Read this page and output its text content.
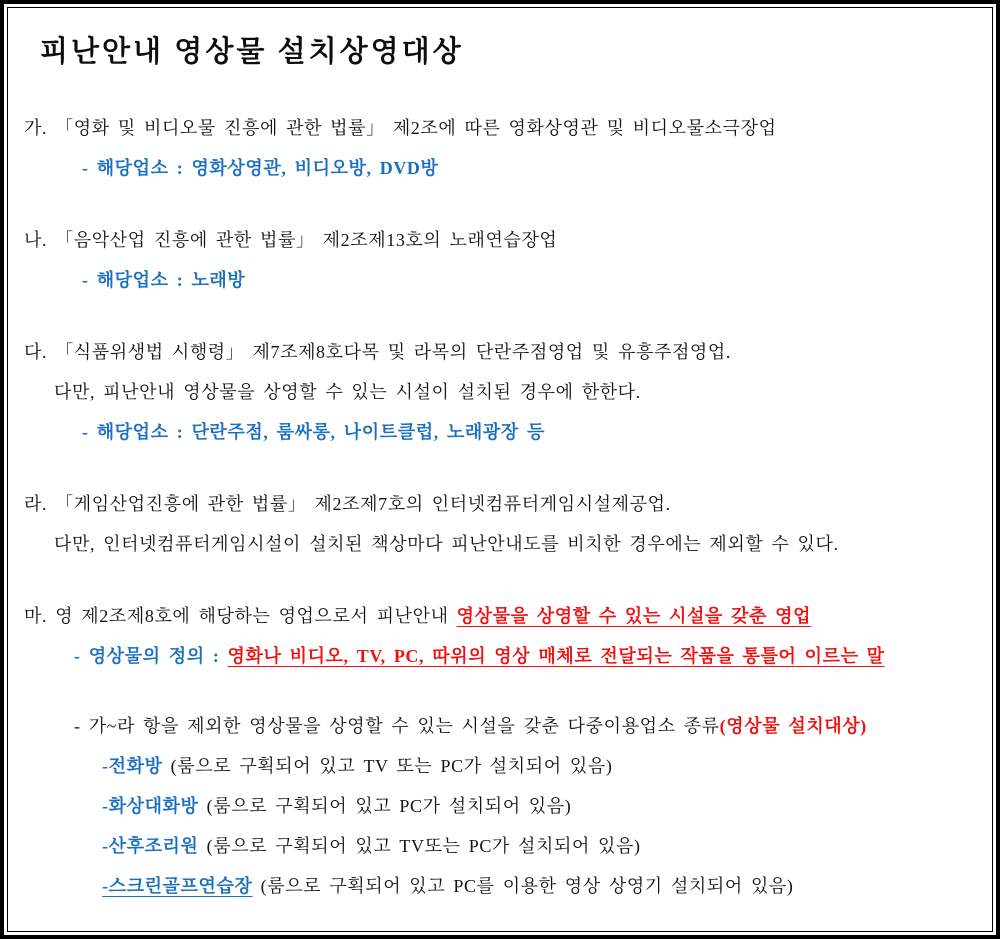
피난안내 영상물 설치상영대상
가. 「영화 및 비디오물 진흥에 관한 법률」 제2조에 따른 영화상영관 및 비디오물소극장업
- 해당업소 : 영화상영관, 비디오방, DVD방
나. 「음악산업 진흥에 관한 법률」 제2조제13호의 노래연습장업
- 해당업소 : 노래방
다. 「식품위생법 시행령」 제7조제8호다목 및 라목의 단란주점영업 및 유흥주점영업.
다만, 피난안내 영상물을 상영할 수 있는 시설이 설치된 경우에 한한다.
- 해당업소 : 단란주점, 룸싸롱, 나이트클럽, 노래광장 등
라. 「게임산업진흥에 관한 법률」 제2조제7호의 인터넷컴퓨터게임시설제공업.
다만, 인터넷컴퓨터게임시설이 설치된 책상마다 피난안내도를 비치한 경우에는 제외할 수 있다.
마. 영 제2조제8호에 해당하는 영업으로서 피난안내 영상물을 상영할 수 있는 시설을 갖춘 영업
- 영상물의 정의 : 영화나 비디오, TV, PC, 따위의 영상 매체로 전달되는 작품을 통틀어 이르는 말
- 가~라 항을 제외한 영상물을 상영할 수 있는 시설을 갖춘 다중이용업소 종류(영상물 설치대상)
-전화방 (룸으로 구획되어 있고 TV 또는 PC가 설치되어 있음)
-화상대화방 (룸으로 구획되어 있고 PC가 설치되어 있음)
-산후조리원 (룸으로 구획되어 있고 TV또는 PC가 설치되어 있음)
-스크린골프연습장 (룸으로 구획되어 있고 PC를 이용한 영상 상영기 설치되어 있음)
